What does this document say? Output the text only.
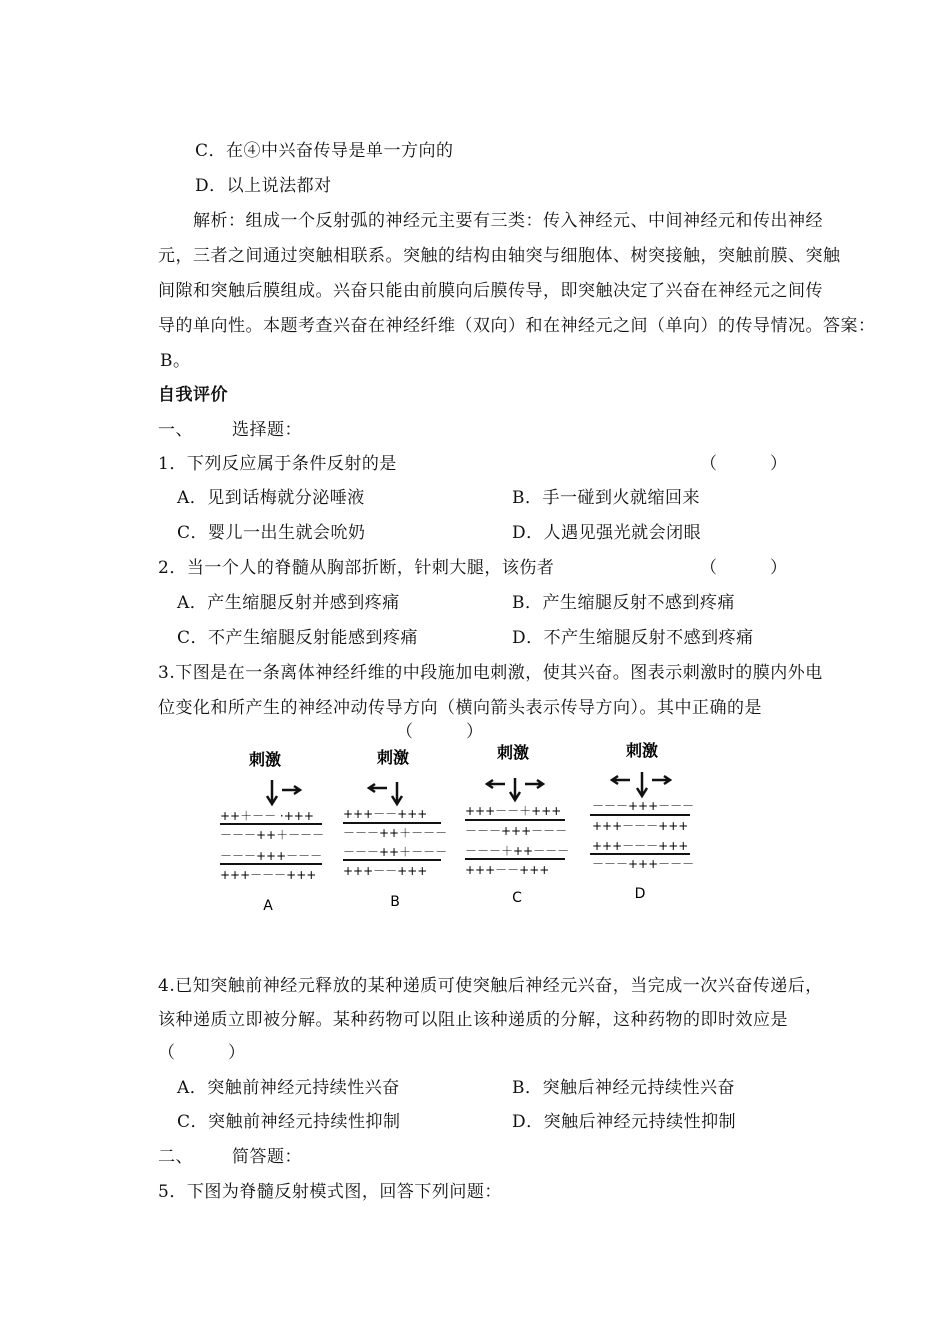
C．在④中兴奋传导是单一方向的
D．以上说法都对
解析：组成一个反射弧的神经元主要有三类：传入神经元、中间神经元和传出神经
元，三者之间通过突触相联系。突触的结构由轴突与细胞体、树突接触，突触前膜、突触
间隙和突触后膜组成。兴奋只能由前膜向后膜传导，即突触决定了兴奋在神经元之间传
导的单向性。本题考查兴奋在神经纤维（双向）和在神经元之间（单向）的传导情况。答案：
B。
自我评价
一、 选择题：
1．下列反应属于条件反射的是	（　　　）
A．见到话梅就分泌唾液	B．手一碰到火就缩回来
C．婴儿一出生就会吮奶	D．人遇见强光就会闭眼
2．当一个人的脊髓从胸部折断，针刺大腿，该伤者	（　　　）
A．产生缩腿反射并感到疼痛	B．产生缩腿反射不感到疼痛
C．不产生缩腿反射能感到疼痛	D．不产生缩腿反射不感到疼痛
3.下图是在一条离体神经纤维的中段施加电刺激，使其兴奋。图表示刺激时的膜内外电
位变化和所产生的神经冲动传导方向（横向箭头表示传导方向）。其中正确的是
（　　　）
刺激
++＋－－ ·+++
－－－++＋－－－
－－－+++－－－
+++－－－+++
A
刺激
+++－－+++
－－－++＋－－－
－－－++＋－－－
+++－－+++
B
刺激
+++－－＋+++
－－－+++－－－
－－－＋++－－－
+++－－+++
C
刺激
－－－+++－－－
+++－－－+++
+++－－－+++
－－－+++－－－
D
4.已知突触前神经元释放的某种递质可使突触后神经元兴奋，当完成一次兴奋传递后，
该种递质立即被分解。某种药物可以阻止该种递质的分解，这种药物的即时效应是
（　　　）
A．突触前神经元持续性兴奋	B．突触后神经元持续性兴奋
C．突触前神经元持续性抑制	D．突触后神经元持续性抑制
二、 简答题：
5．下图为脊髓反射模式图，回答下列问题：
